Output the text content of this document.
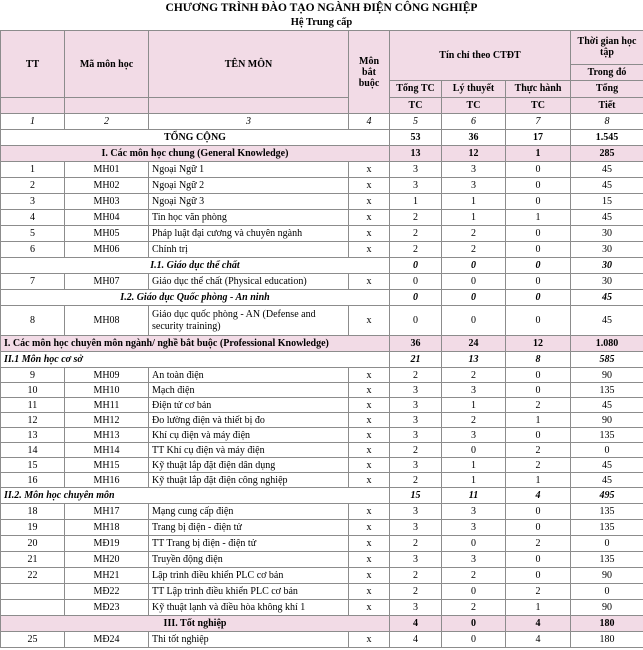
CHƯƠNG TRÌNH ĐÀO TẠO NGÀNH ĐIỆN CÔNG NGHIỆP
Hệ Trung cấp
TT	Mã môn học	TÊN MÔN	Môn bắt buộc	Tín chỉ theo CTĐT			Thời gian học tập
							Trong đó
				Tổng TC	Lý thuyết	Thực hành	Tổng
				TC	TC	TC	Tiết
1	2	3	4	5	6	7	8
TỔNG CỘNG				53	36	17	1.545
I. Các môn học chung (General Knowledge)				13	12	1	285
1	MH01	Ngoại Ngữ 1	x	3	3	0	45
2	MH02	Ngoại Ngữ 2	x	3	3	0	45
3	MH03	Ngoại Ngữ 3	x	1	1	0	15
4	MH04	Tin học văn phòng	x	2	1	1	45
5	MH05	Pháp luật đại cương và chuyên ngành	x	2	2	0	30
6	MH06	Chính trị	x	2	2	0	30
I.1. Giáo dục thể chất				0	0	0	30
7	MH07	Giáo dục thể chất (Physical education)	x	0	0	0	30
I.2. Giáo dục Quốc phòng - An ninh				0	0	0	45
8	MH08	Giáo dục quốc phòng - AN (Defense and security training)	x	0	0	0	45
I. Các môn học chuyên môn ngành/ nghề bắt buộc (Professional Knowledge)				36	24	12	1.080
II.1 Môn học cơ sở				21	13	8	585
9	MH09	An toàn điện	x	2	2	0	90
10	MH10	Mạch điện	x	3	3	0	135
11	MH11	Điện tử cơ bản	x	3	1	2	45
12	MH12	Đo lường điện và thiết bị đo	x	3	2	1	90
13	MH13	Khí cụ điện và máy điện	x	3	3	0	135
14	MH14	TT Khí cụ điện và máy điện	x	2	0	2	0
15	MH15	Kỹ thuật lắp đặt điện dân dụng	x	3	1	2	45
16	MH16	Kỹ thuật lắp đặt điện công nghiệp	x	2	1	1	45
II.2. Môn học chuyên môn				15	11	4	495
18	MH17	Mạng cung cấp điện	x	3	3	0	135
19	MH18	Trang bị điện - điện tử	x	3	3	0	135
20	MĐ19	TT Trang bị điện - điện tử	x	2	0	2	0
21	MH20	Truyền động điện	x	3	3	0	135
22	MH21	Lập trình điều khiển PLC cơ bản	x	2	2	0	90
	MĐ22	TT Lập trình điều khiển PLC cơ bản	x	2	0	2	0
	MĐ23	Kỹ thuật lạnh và điều hòa không khí 1	x	3	2	1	90
III. Tốt nghiệp				4	0	4	180
25	MĐ24	Thi tốt nghiệp	x	4	0	4	180
